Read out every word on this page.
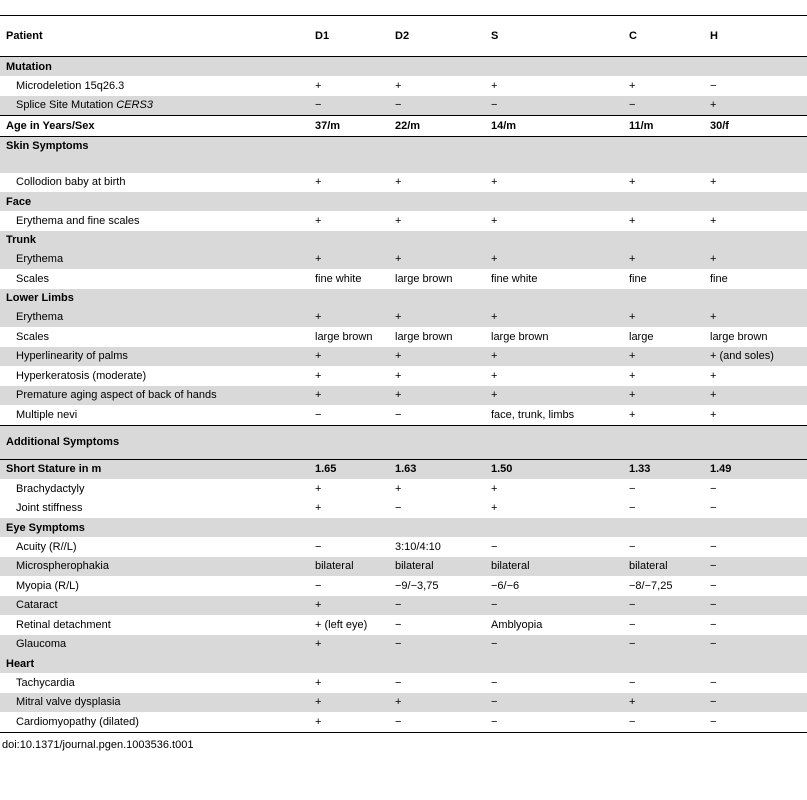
Patient	D1	D2	S	C	H
Mutation					
Microdeletion 15q26.3	+	+	+	+	−
Splice Site Mutation CERS3	−	−	−	−	+
Age in Years/Sex	37/m	22/m	14/m	11/m	30/f
Skin Symptoms					
Collodion baby at birth	+	+	+	+	+
Face					
Erythema and fine scales	+	+	+	+	+
Trunk					
Erythema	+	+	+	+	+
Scales	fine white	large brown	fine white	fine	fine
Lower Limbs					
Erythema	+	+	+	+	+
Scales	large brown	large brown	large brown	large	large brown
Hyperlinearity of palms	+	+	+	+	+ (and soles)
Hyperkeratosis (moderate)	+	+	+	+	+
Premature aging aspect of back of hands	+	+	+	+	+
Multiple nevi	−	−	face, trunk, limbs	+	+
Additional Symptoms					
Short Stature in m	1.65	1.63	1.50	1.33	1.49
Brachydactyly	+	+	+	−	−
Joint stiffness	+	−	+	−	−
Eye Symptoms					
Acuity (R//L)	−	3:10/4:10	−	−	−
Microspherophakia	bilateral	bilateral	bilateral	bilateral	−
Myopia (R/L)	−	−9/−3,75	−6/−6	−8/−7,25	−
Cataract	+	−	−	−	−
Retinal detachment	+ (left eye)	−	Amblyopia	−	−
Glaucoma	+	−	−	−	−
Heart					
Tachycardia	+	−	−	−	−
Mitral valve dysplasia	+	+	−	+	−
Cardiomyopathy (dilated)	+	−	−	−	−
doi:10.1371/journal.pgen.1003536.t001
